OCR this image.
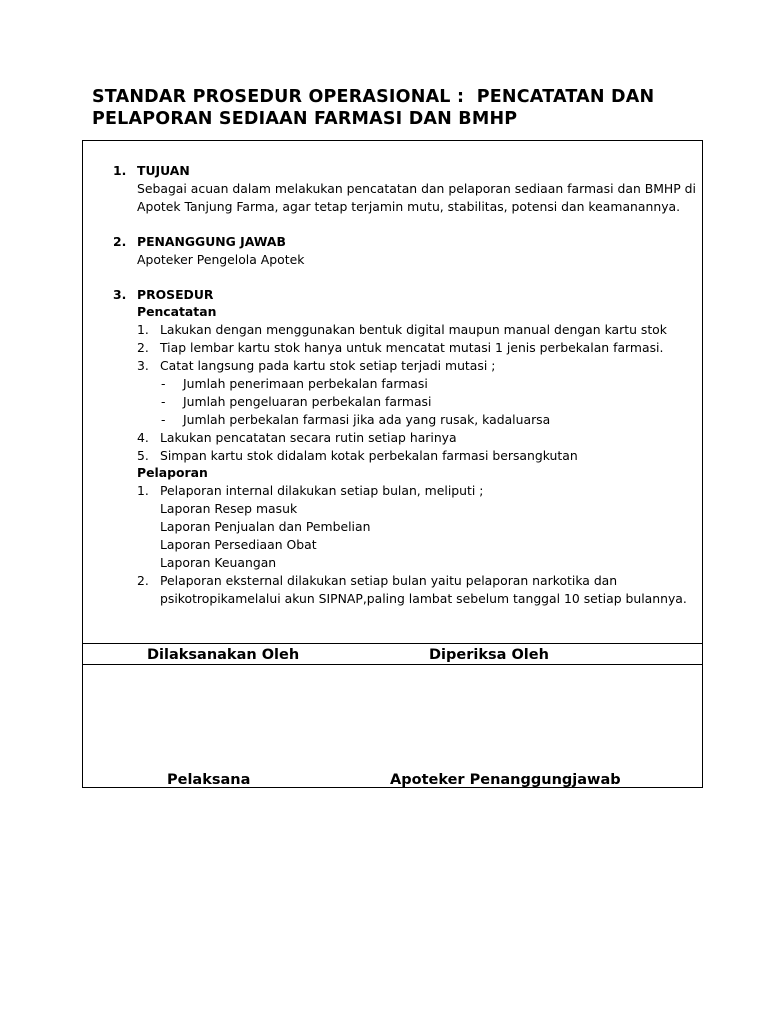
STANDAR PROSEDUR OPERASIONAL :  PENCATATAN DAN
PELAPORAN SEDIAAN FARMASI DAN BMHP
1. TUJUAN
Sebagai acuan dalam melakukan pencatatan dan pelaporan sediaan farmasi dan BMHP di
Apotek Tanjung Farma, agar tetap terjamin mutu, stabilitas, potensi dan keamanannya.
2. PENANGGUNG JAWAB
Apoteker Pengelola Apotek
3. PROSEDUR
Pencatatan
1. Lakukan dengan menggunakan bentuk digital maupun manual dengan kartu stok
2. Tiap lembar kartu stok hanya untuk mencatat mutasi 1 jenis perbekalan farmasi.
3. Catat langsung pada kartu stok setiap terjadi mutasi ;
- Jumlah penerimaan perbekalan farmasi
- Jumlah pengeluaran perbekalan farmasi
- Jumlah perbekalan farmasi jika ada yang rusak, kadaluarsa
4. Lakukan pencatatan secara rutin setiap harinya
5. Simpan kartu stok didalam kotak perbekalan farmasi bersangkutan
Pelaporan
1. Pelaporan internal dilakukan setiap bulan, meliputi ;
Laporan Resep masuk
Laporan Penjualan dan Pembelian
Laporan Persediaan Obat
Laporan Keuangan
2. Pelaporan eksternal dilakukan setiap bulan yaitu pelaporan narkotika dan
psikotropikamelalui akun SIPNAP,paling lambat sebelum tanggal 10 setiap bulannya.
Dilaksanakan Oleh	Diperiksa Oleh
Pelaksana	Apoteker Penanggungjawab
